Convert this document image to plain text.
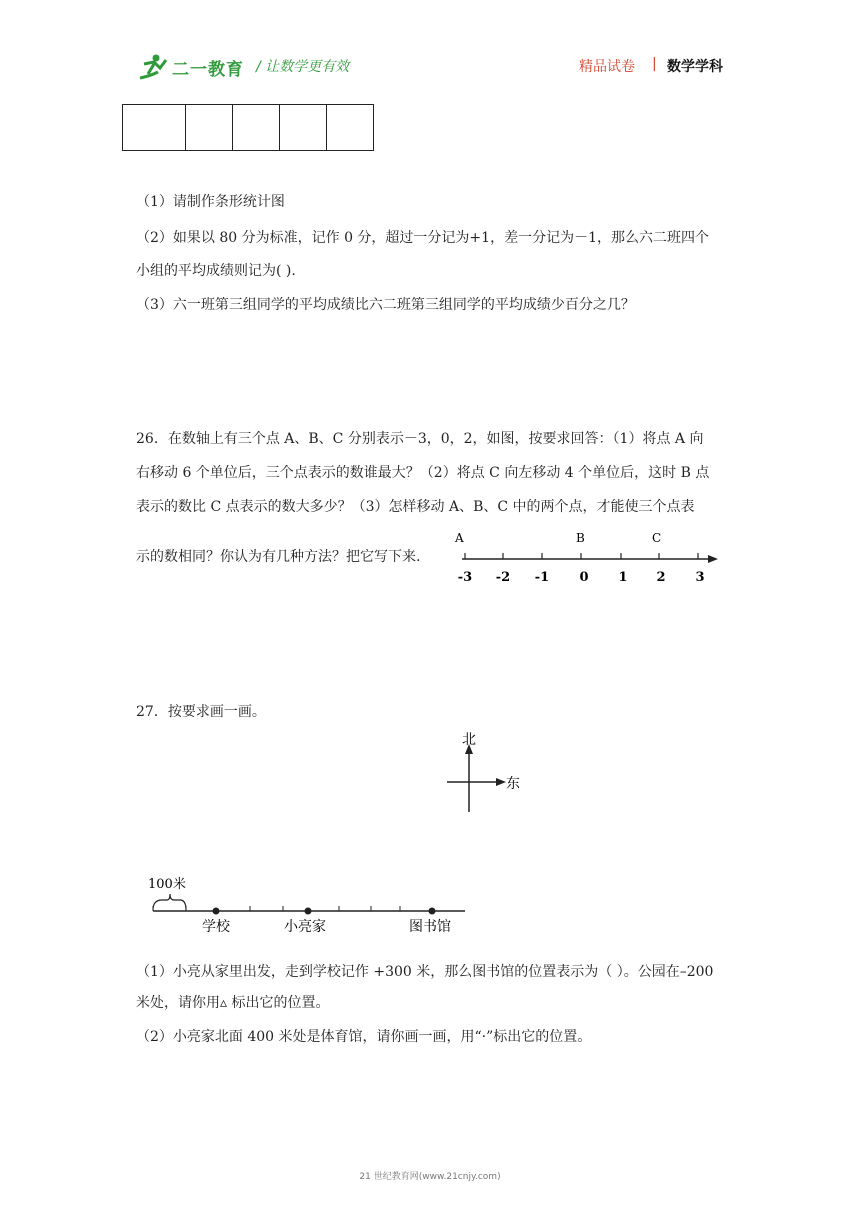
二一教育 / 让数学更有效	精品试卷 | 数学学科

（1）请制作条形统计图
（2）如果以 80 分为标准，记作 0 分，超过一分记为+1，差一分记为－1，那么六二班四个
小组的平均成绩则记为( ).
（3）六一班第三组同学的平均成绩比六二班第三组同学的平均成绩少百分之几？
26．在数轴上有三个点 A、B、C 分别表示－3，0，2，如图，按要求回答：（1）将点 A 向
右移动 6 个单位后，三个点表示的数谁最大？（2）将点 C 向左移动 4 个单位后，这时 B 点
表示的数比 C 点表示的数大多少？（3）怎样移动 A、B、C 中的两个点，才能使三个点表
示的数相同？你认为有几种方法？把它写下来.
A	B	C
-3 -2 -1 0 1 2 3
27．按要求画一画。
北
东
100米
学校	小亮家	图书馆
（1）小亮从家里出发，走到学校记作 +300 米，那么图书馆的位置表示为（ ）。公园在–200
米处，请你用▵ 标出它的位置。
（2）小亮家北面 400 米处是体育馆，请你画一画，用“·”标出它的位置。
21 世纪教育网(www.21cnjy.com)
